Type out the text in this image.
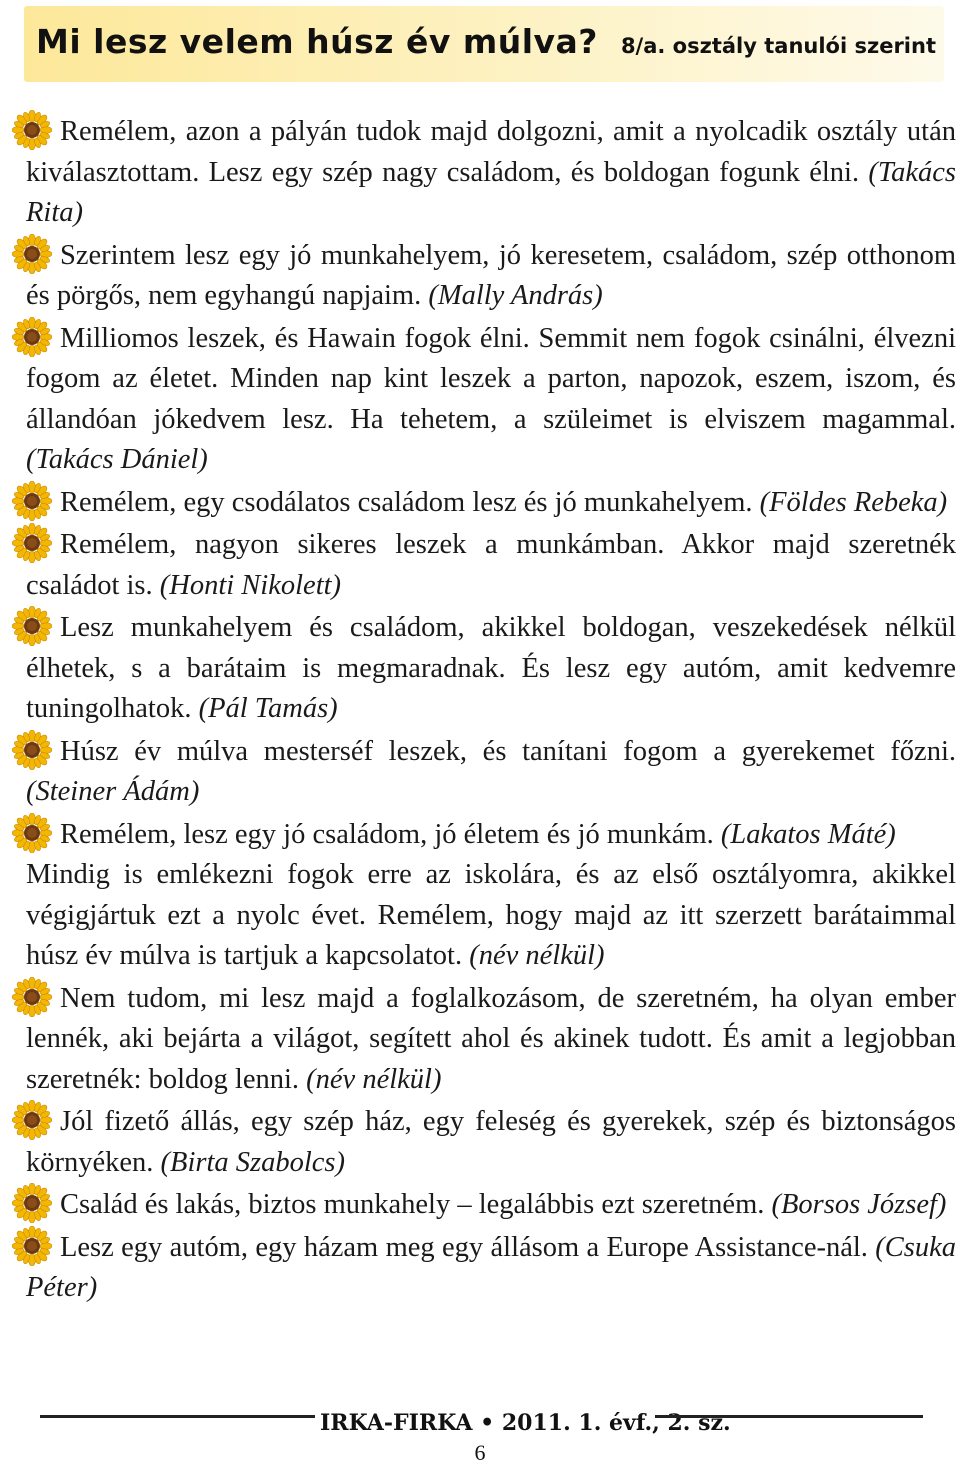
Mi lesz velem húsz év múlva? 8/a. osztály tanulói szerint
Remélem, azon a pályán tudok majd dolgozni, amit a nyolcadik osztály után kiválasztottam. Lesz egy szép nagy családom, és boldogan fogunk élni. (Takács Rita)
Szerintem lesz egy jó munkahelyem, jó keresetem, családom, szép otthonom és pörgős, nem egyhangú napjaim. (Mally András)
Milliomos leszek, és Hawain fogok élni. Semmit nem fogok csinálni, élvezni fogom az életet. Minden nap kint leszek a parton, napozok, eszem, iszom, és állandóan jókedvem lesz. Ha tehetem, a szüleimet is elviszem magammal. (Takács Dániel)
Remélem, egy csodálatos családom lesz és jó munkahelyem. (Földes Rebeka)
Remélem, nagyon sikeres leszek a munkámban. Akkor majd szeretnék családot is. (Honti Nikolett)
Lesz munkahelyem és családom, akikkel boldogan, veszekedések nélkül élhetek, s a barátaim is megmaradnak. És lesz egy autóm, amit kedvemre tuningolhatok. (Pál Tamás)
Húsz év múlva mesterséf leszek, és tanítani fogom a gyerekemet főzni. (Steiner Ádám)
Remélem, lesz egy jó családom, jó életem és jó munkám. (Lakatos Máté)
Mindig is emlékezni fogok erre az iskolára, és az első osztályomra, akikkel végigjártuk ezt a nyolc évet. Remélem, hogy majd az itt szerzett barátaimmal húsz év múlva is tartjuk a kapcsolatot. (név nélkül)
Nem tudom, mi lesz majd a foglalkozásom, de szeretném, ha olyan ember lennék, aki bejárta a világot, segített ahol és akinek tudott. És amit a legjobban szeretnék: boldog lenni. (név nélkül)
Jól fizető állás, egy szép ház, egy feleség és gyerekek, szép és biztonságos környéken. (Birta Szabolcs)
Család és lakás, biztos munkahely – legalábbis ezt szeretném. (Borsos József)
Lesz egy autóm, egy házam meg egy állásom a Europe Assistance-nál. (Csuka Péter)
IRKA-FIRKA • 2011. 1. évf., 2. sz.
6
